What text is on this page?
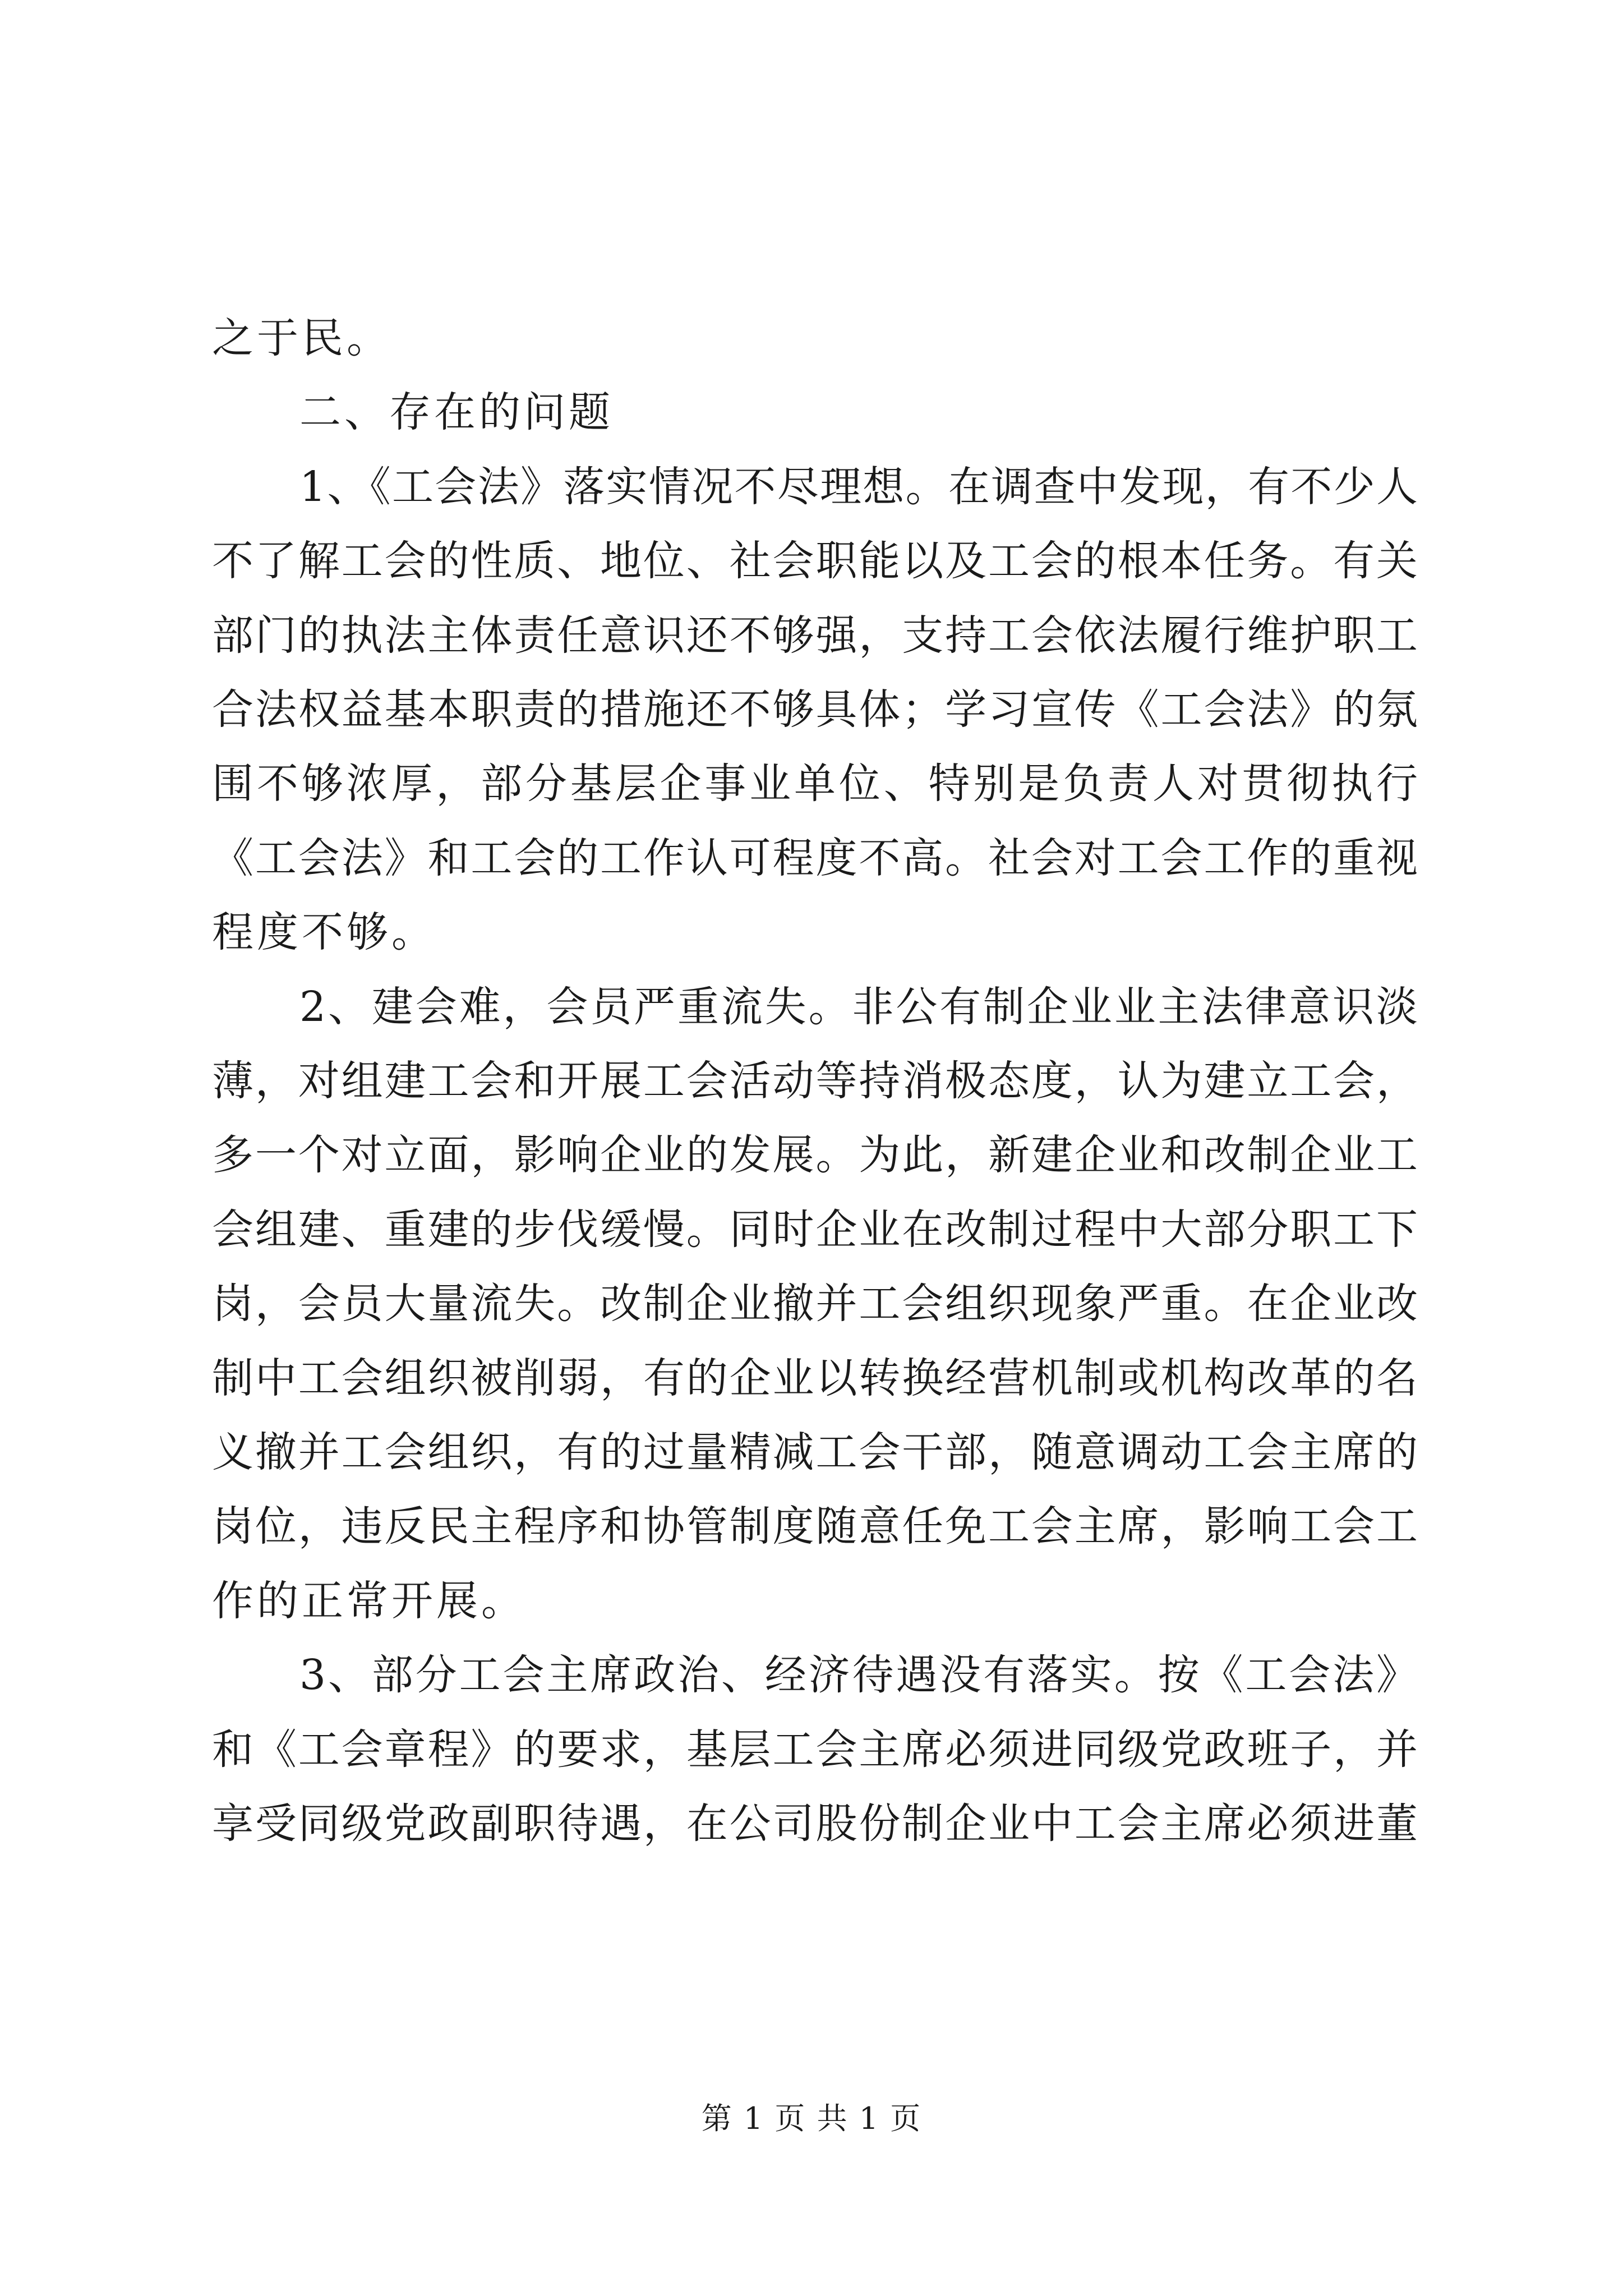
之于民。
二、存在的问题
1、《工会法》落实情况不尽理想。在调查中发现，有不少人
不了解工会的性质、地位、社会职能以及工会的根本任务。有关
部门的执法主体责任意识还不够强，支持工会依法履行维护职工
合法权益基本职责的措施还不够具体；学习宣传《工会法》的氛
围不够浓厚，部分基层企事业单位、特别是负责人对贯彻执行
《工会法》和工会的工作认可程度不高。社会对工会工作的重视
程度不够。
2、建会难，会员严重流失。非公有制企业业主法律意识淡
薄，对组建工会和开展工会活动等持消极态度，认为建立工会，
多一个对立面，影响企业的发展。为此，新建企业和改制企业工
会组建、重建的步伐缓慢。同时企业在改制过程中大部分职工下
岗，会员大量流失。改制企业撤并工会组织现象严重。在企业改
制中工会组织被削弱，有的企业以转换经营机制或机构改革的名
义撤并工会组织，有的过量精减工会干部，随意调动工会主席的
岗位，违反民主程序和协管制度随意任免工会主席，影响工会工
作的正常开展。
3、部分工会主席政治、经济待遇没有落实。按《工会法》
和《工会章程》的要求，基层工会主席必须进同级党政班子，并
享受同级党政副职待遇，在公司股份制企业中工会主席必须进董
第 1 页 共 1 页
